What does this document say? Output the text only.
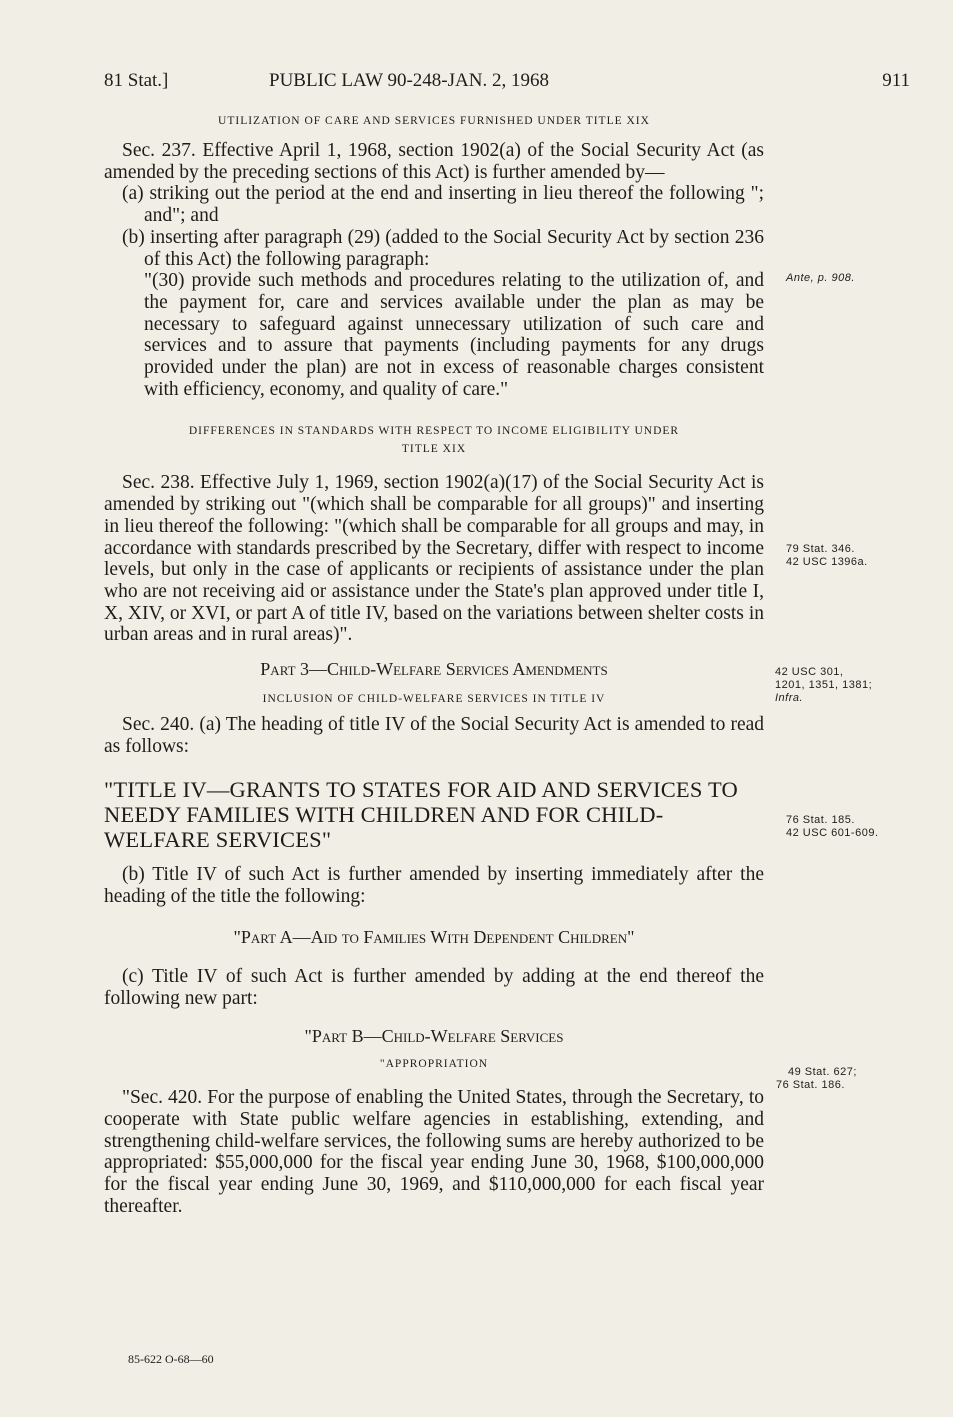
81 Stat.]	PUBLIC LAW 90-248-JAN. 2, 1968	911
UTILIZATION OF CARE AND SERVICES FURNISHED UNDER TITLE XIX

Sec. 237. Effective April 1, 1968, section 1902(a) of the Social Security Act (as amended by the preceding sections of this Act) is further amended by—

(a) striking out the period at the end and inserting in lieu thereof the following "; and"; and

(b) inserting after paragraph (29) (added to the Social Security Act by section 236 of this Act) the following paragraph:

"(30) provide such methods and procedures relating to the utilization of, and the payment for, care and services available under the plan as may be necessary to safeguard against unnecessary utilization of such care and services and to assure that payments (including payments for any drugs provided under the plan) are not in excess of reasonable charges consistent with efficiency, economy, and quality of care."

DIFFERENCES IN STANDARDS WITH RESPECT TO INCOME ELIGIBILITY UNDER
TITLE XIX

Sec. 238. Effective July 1, 1969, section 1902(a)(17) of the Social Security Act is amended by striking out "(which shall be comparable for all groups)" and inserting in lieu thereof the following: "(which shall be comparable for all groups and may, in accordance with standards prescribed by the Secretary, differ with respect to income levels, but only in the case of applicants or recipients of assistance under the plan who are not receiving aid or assistance under the State's plan approved under title I, X, XIV, or XVI, or part A of title IV, based on the variations between shelter costs in urban areas and in rural areas)".

Part 3—Child-Welfare Services Amendments
INCLUSION OF CHILD-WELFARE SERVICES IN TITLE IV

Sec. 240. (a) The heading of title IV of the Social Security Act is amended to read as follows:

"TITLE IV—GRANTS TO STATES FOR AID AND SERVICES TO NEEDY FAMILIES WITH CHILDREN AND FOR CHILD-WELFARE SERVICES"

(b) Title IV of such Act is further amended by inserting immediately after the heading of the title the following:

"Part A—Aid to Families With Dependent Children"

(c) Title IV of such Act is further amended by adding at the end thereof the following new part:

"Part B—Child-Welfare Services
"APPROPRIATION

"Sec. 420. For the purpose of enabling the United States, through the Secretary, to cooperate with State public welfare agencies in establishing, extending, and strengthening child-welfare services, the following sums are hereby authorized to be appropriated: $55,000,000 for the fiscal year ending June 30, 1968, $100,000,000 for the fiscal year ending June 30, 1969, and $110,000,000 for each fiscal year thereafter.

Ante, p. 908.
79 Stat. 346.
42 USC 1396a.
42 USC 301,
1201, 1351, 1381;
Infra.
76 Stat. 185.
42 USC 601-609.
49 Stat. 627;
76 Stat. 186.
85-622 O-68—60
